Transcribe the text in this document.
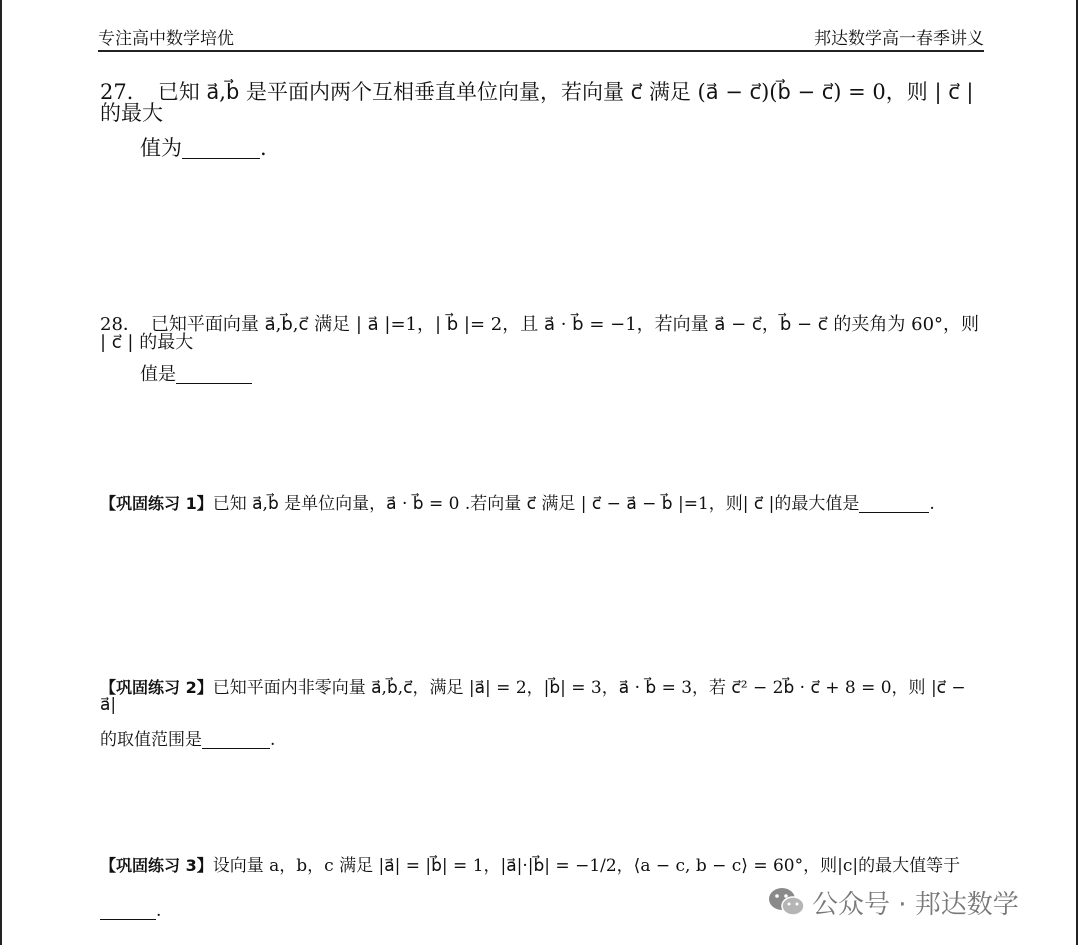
专注高中数学培优	邦达数学高一春季讲义
27． 已知 a⃗,b⃗ 是平面内两个互相垂直单位向量，若向量 c⃗ 满足 (a⃗ − c⃗)(b⃗ − c⃗) = 0，则 | c⃗ | 的最大
值为	.
28． 已知平面向量 a⃗,b⃗,c⃗ 满足 | a⃗ |=1，| b⃗ |= 2，且 a⃗ · b⃗ = −1，若向量 a⃗ − c⃗，b⃗ − c⃗ 的夹角为 60°，则 | c⃗ | 的最大
值是
【巩固练习 1】已知 a⃗,b⃗ 是单位向量，a⃗ · b⃗ = 0 .若向量 c⃗ 满足 | c⃗ − a⃗ − b⃗ |=1，则| c⃗ |的最大值是	.
【巩固练习 2】已知平面内非零向量 a⃗,b⃗,c⃗，满足 |a⃗| = 2，|b⃗| = 3，a⃗ · b⃗ = 3，若 c⃗² − 2b⃗ · c⃗ + 8 = 0，则 |c⃗ − a⃗|
的取值范围是	.
【巩固练习 3】设向量 a，b，c 满足 |a⃗| = |b⃗| = 1，|a⃗|·|b⃗| = −1/2，⟨a − c, b − c⟩ = 60°，则|c|的最大值等于
.	公众号 · 邦达数学
